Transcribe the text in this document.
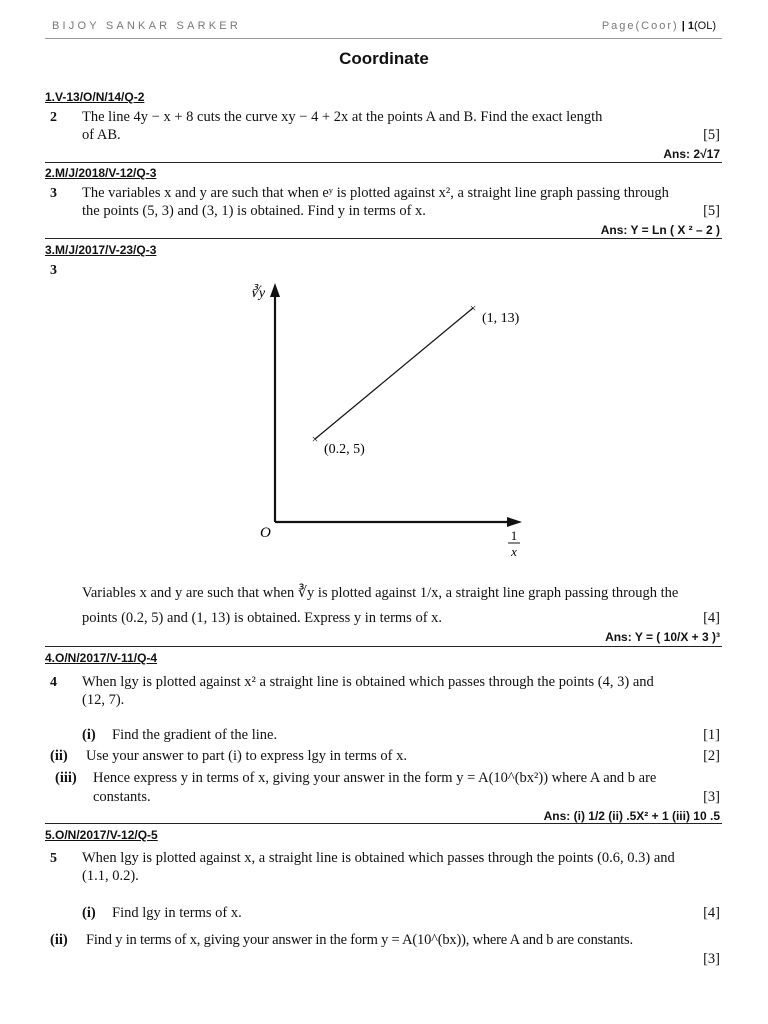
BIJOY SANKAR SARKER	Page(Coor) | 1(OL)
Coordinate
1.V-13/O/N/14/Q-2
2 The line 4y − x + 8 cuts the curve xy − 4 + 2x at the points A and B. Find the exact length
of AB.	[5]
Ans: 2√17
2.M/J/2018/V-12/Q-3
3 The variables x and y are such that when eʸ is plotted against x², a straight line graph passing through
the points (5, 3) and (3, 1) is obtained. Find y in terms of x.	[5]
Ans: Y = Ln ( X ² – 2 )
3.M/J/2017/V-23/Q-3
3
×
×
∛y
O	1
x
(0.2, 5)
(1, 13)
Variables x and y are such that when ∛y is plotted against 1/x, a straight line graph passing through the
points (0.2, 5) and (1, 13) is obtained. Express y in terms of x.	[4]
Ans: Y = ( 10/X + 3 )³
4.O/N/2017/V-11/Q-4
4 When lgy is plotted against x² a straight line is obtained which passes through the points (4, 3) and
(12, 7).
(i) Find the gradient of the line.	[1]
(ii) Use your answer to part (i) to express lgy in terms of x.	[2]
(iii) Hence express y in terms of x, giving your answer in the form y = A(10^(bx²)) where A and b are
constants.	[3]
Ans: (i) 1/2 (ii) .5X² + 1 (iii) 10 .5
5.O/N/2017/V-12/Q-5
5 When lgy is plotted against x, a straight line is obtained which passes through the points (0.6, 0.3) and
(1.1, 0.2).
(i) Find lgy in terms of x.	[4]
(ii) Find y in terms of x, giving your answer in the form y = A(10^(bx)), where A and b are constants.
[3]
